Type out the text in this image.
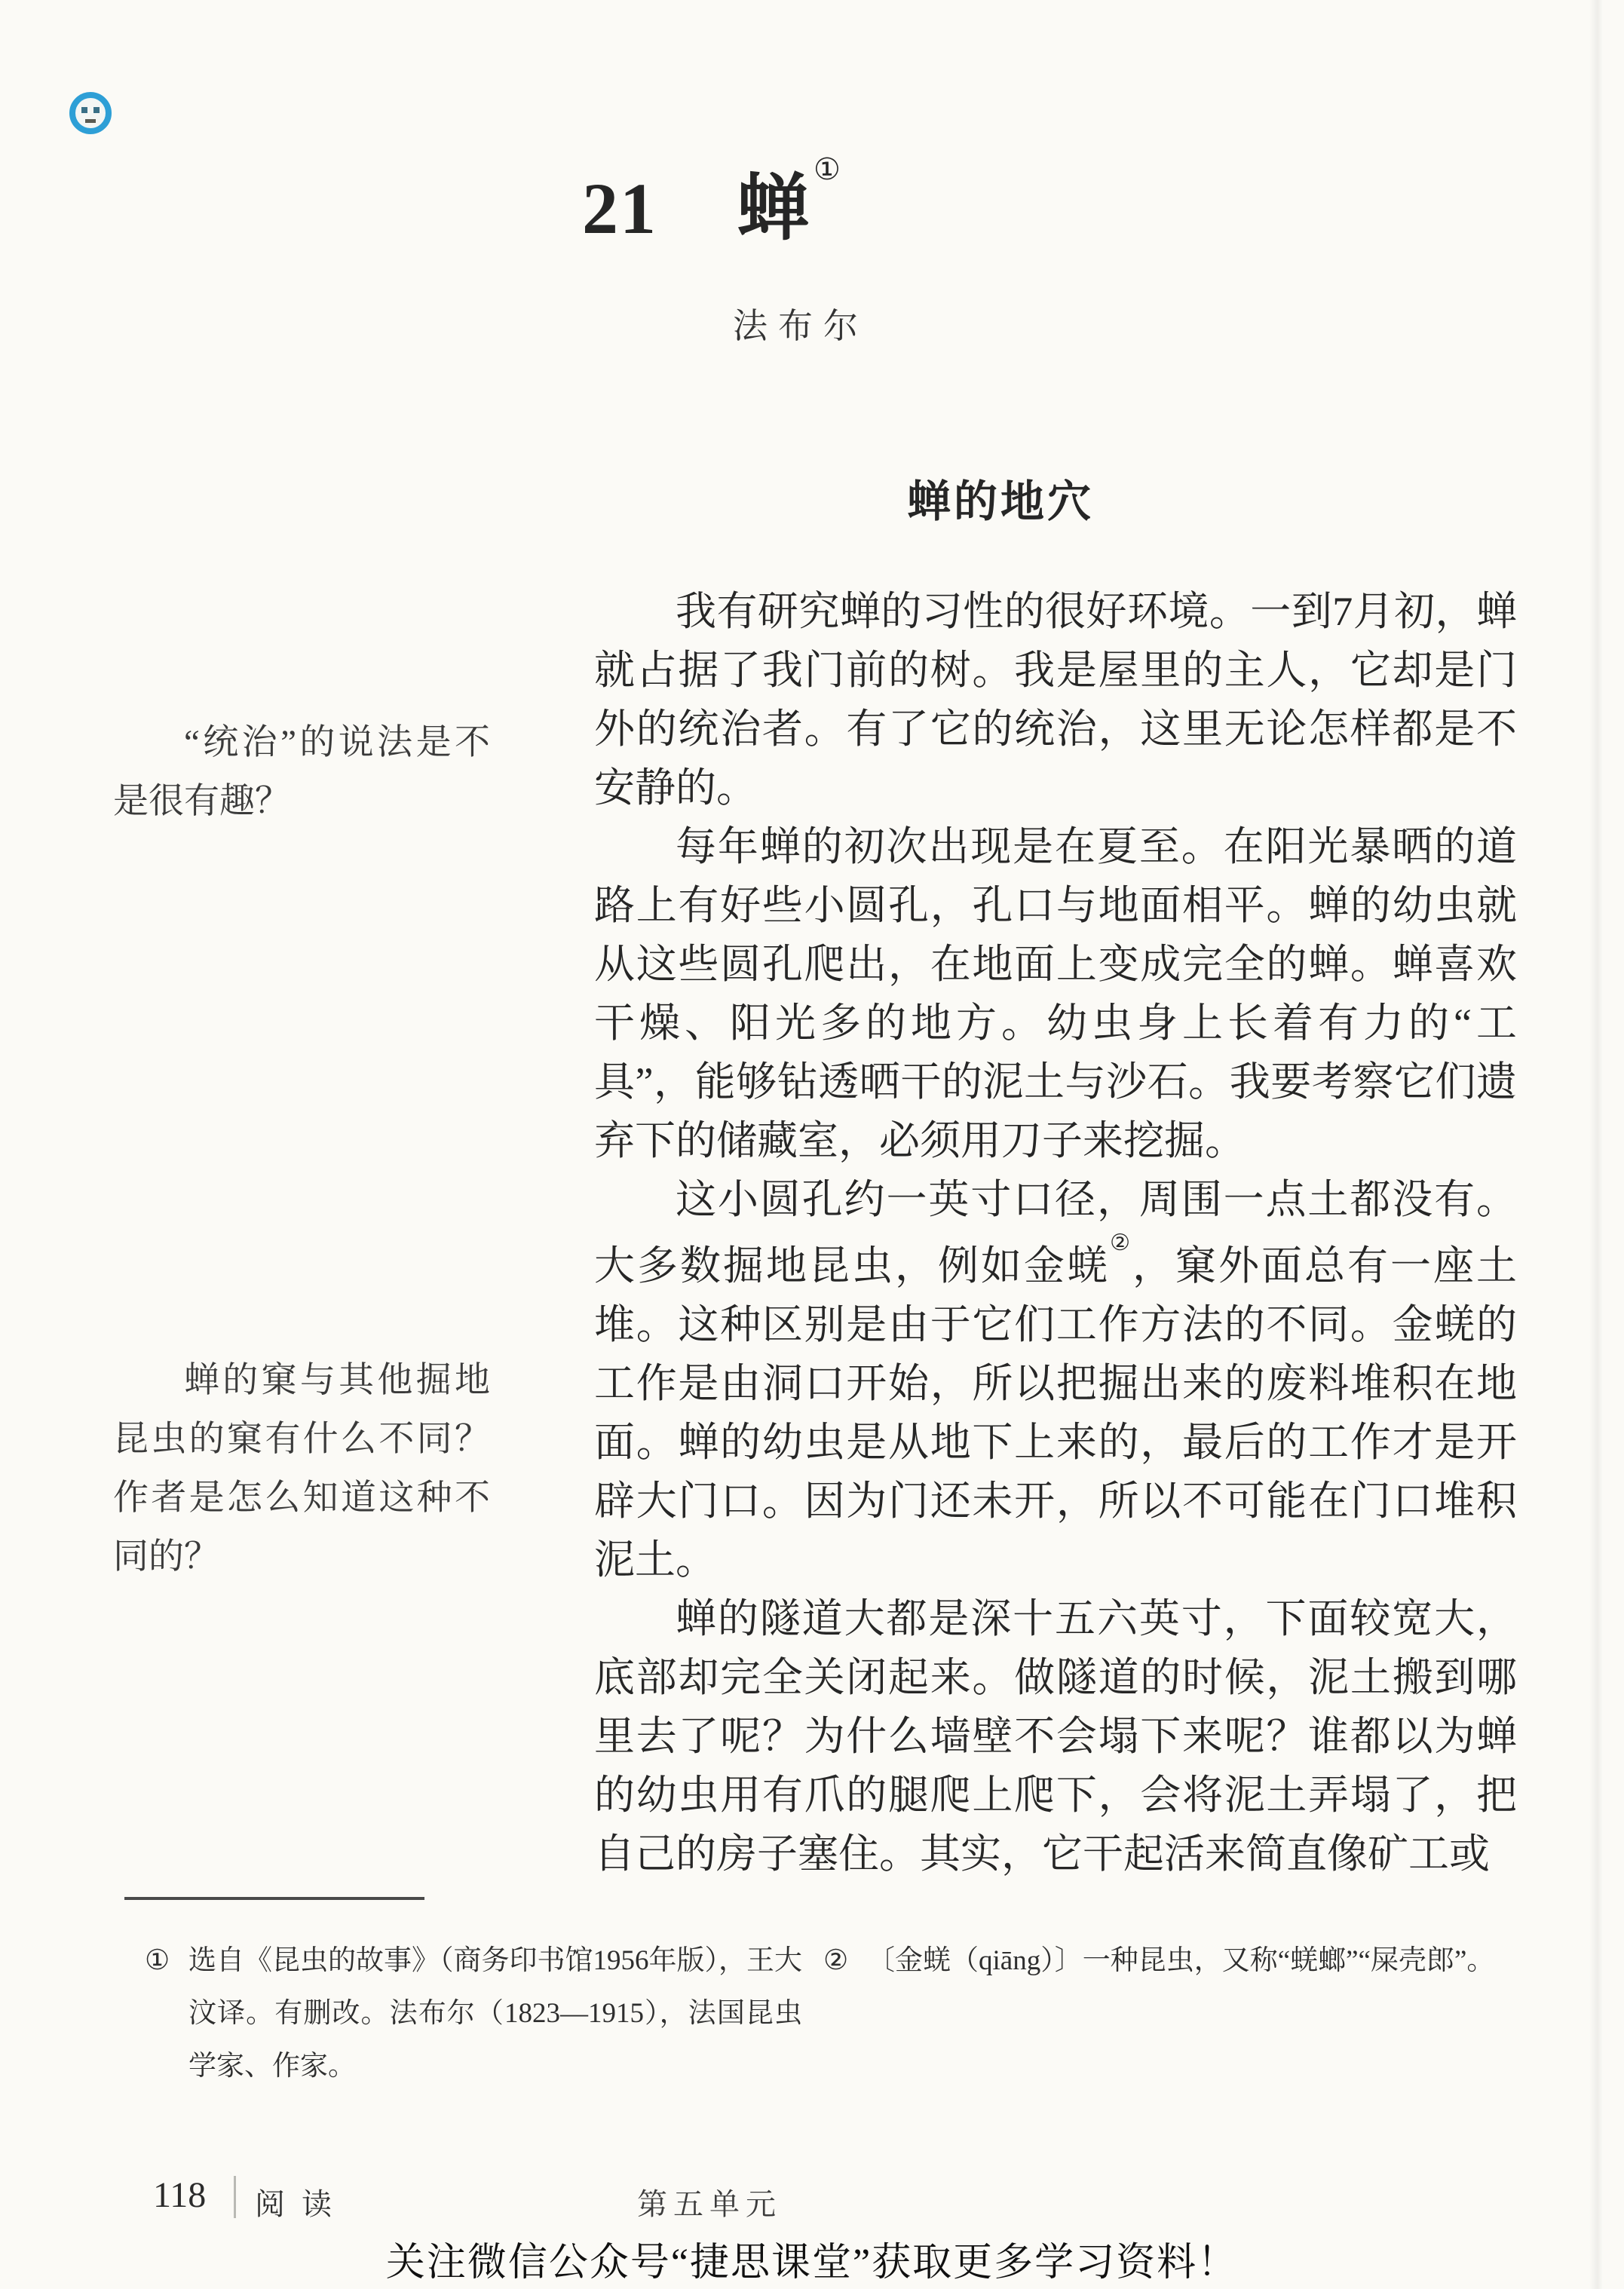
21 蝉 ①
法布尔
蝉的地穴
“统治”的说法是不是很有趣？
蝉的窠与其他掘地昆虫的窠有什么不同？作者是怎么知道这种不同的？

我有研究蝉的习性的很好环境。一到7月初，蝉就占据了我门前的树。我是屋里的主人，它却是门外的统治者。有了它的统治，这里无论怎样都是不安静的。

每年蝉的初次出现是在夏至。在阳光暴晒的道路上有好些小圆孔，孔口与地面相平。蝉的幼虫就从这些圆孔爬出，在地面上变成完全的蝉。蝉喜欢干燥、阳光多的地方。幼虫身上长着有力的“工具”，能够钻透晒干的泥土与沙石。我要考察它们遗弃下的储藏室，必须用刀子来挖掘。

这小圆孔约一英寸口径，周围一点土都没有。大多数掘地昆虫，例如金蜣②，窠外面总有一座土堆。这种区别是由于它们工作方法的不同。金蜣的工作是由洞口开始，所以把掘出来的废料堆积在地面。蝉的幼虫是从地下上来的，最后的工作才是开辟大门口。因为门还未开，所以不可能在门口堆积泥土。

蝉的隧道大都是深十五六英寸，下面较宽大，底部却完全关闭起来。做隧道的时候，泥土搬到哪里去了呢？为什么墙壁不会塌下来呢？谁都以为蝉的幼虫用有爪的腿爬上爬下，会将泥土弄塌了，把自己的房子塞住。其实，它干起活来简直像矿工或

① 选自《昆虫的故事》（商务印书馆1956年版），王大汶译。有删改。法布尔（1823—1915），法国昆虫学家、作家。
② 〔金蜣（qiāng）〕一种昆虫，又称“蜣螂”“屎壳郎”。
118 阅读	第五单元
关注微信公众号“捷思课堂”获取更多学习资料！
